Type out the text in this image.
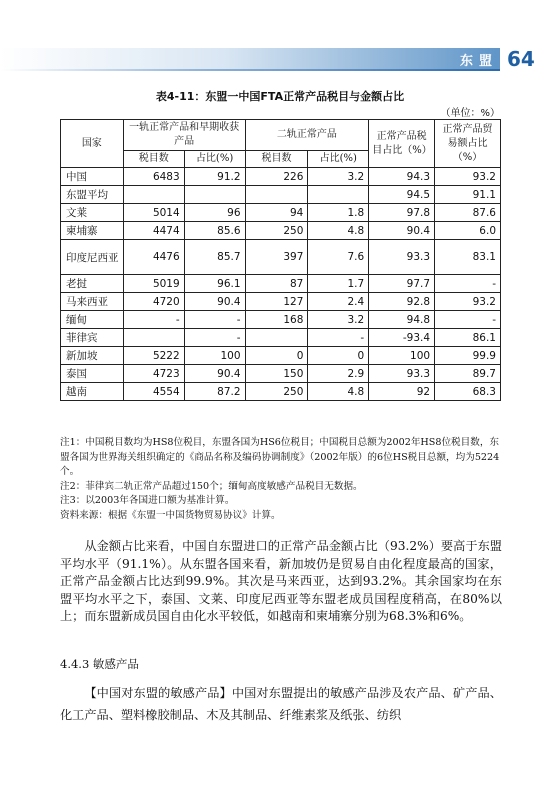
东盟 64
表4-11：东盟一中国FTA正常产品税目与金额占比
（单位：%）
国家	一轨正常产品和早期收获产品		二轨正常产品		正常产品税目占比（%）	正常产品贸易额占比（%）
	税目数	占比(%)	税目数	占比(%)		
中国	6483	91.2	226	3.2	94.3	93.2
东盟平均					94.5	91.1
文莱	5014	96	94	1.8	97.8	87.6
柬埔寨	4474	85.6	250	4.8	90.4	6.0
印度尼西亚	4476	85.7	397	7.6	93.3	83.1
老挝	5019	96.1	87	1.7	97.7	-
马来西亚	4720	90.4	127	2.4	92.8	93.2
缅甸	-	-	168	3.2	94.8	-
菲律宾		-		-	-93.4	86.1
新加坡	5222	100	0	0	100	99.9
泰国	4723	90.4	150	2.9	93.3	89.7
越南	4554	87.2	250	4.8	92	68.3

注1：中国税目数均为HS8位税目，东盟各国为HS6位税目；中国税目总额为2002年HS8位税目数，东盟各国为世界海关组织确定的《商品名称及编码协调制度》（2002年版）的6位HS税目总额，均为5224个。

注2：菲律宾二轨正常产品超过150个；缅甸高度敏感产品税目无数据。

注3：以2003年各国进口额为基准计算。

资料来源：根据《东盟一中国货物贸易协议》计算。

从金额占比来看，中国自东盟进口的正常产品金额占比（93.2%）要高于东盟平均水平（91.1%）。从东盟各国来看，新加坡仍是贸易自由化程度最高的国家，正常产品金额占比达到99.9%。其次是马来西亚，达到93.2%。其余国家均在东盟平均水平之下，泰国、文莱、印度尼西亚等东盟老成员国程度稍高，在80%以上；而东盟新成员国自由化水平较低，如越南和柬埔寨分别为68.3%和6%。

4.4.3 敏感产品

【中国对东盟的敏感产品】中国对东盟提出的敏感产品涉及农产品、矿产品、化工产品、塑料橡胶制品、木及其制品、纤维素浆及纸张、纺织
